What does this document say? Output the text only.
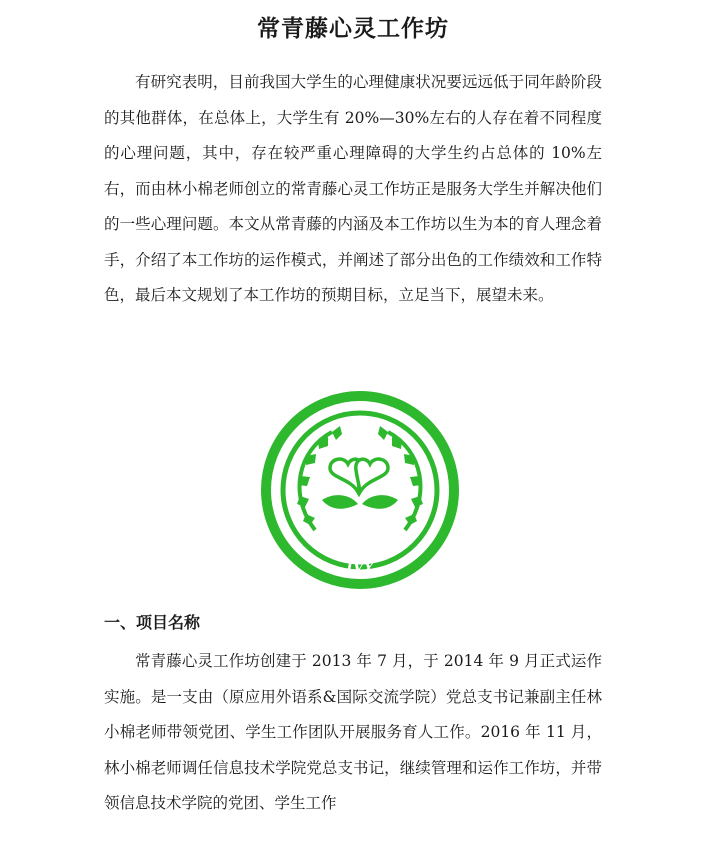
常青藤心灵工作坊

有研究表明，目前我国大学生的心理健康状况要远远低于同年龄阶段的其他群体，在总体上，大学生有 20%—30%左右的人存在着不同程度的心理问题，其中，存在较严重心理障碍的大学生约占总体的 10%左右，而由林小棉老师创立的常青藤心灵工作坊正是服务大学生并解决他们的一些心理问题。本文从常青藤的内涵及本工作坊以生为本的育人理念着手，介绍了本工作坊的运作模式，并阐述了部分出色的工作绩效和工作特色，最后本文规划了本工作坊的预期目标，立足当下，展望未来。

IVY
一、项目名称

常青藤心灵工作坊创建于 2013 年 7 月，于 2014 年 9 月正式运作实施。是一支由（原应用外语系&国际交流学院）党总支书记兼副主任林小棉老师带领党团、学生工作团队开展服务育人工作。2016 年 11 月，林小棉老师调任信息技术学院党总支书记，继续管理和运作工作坊，并带领信息技术学院的党团、学生工作
